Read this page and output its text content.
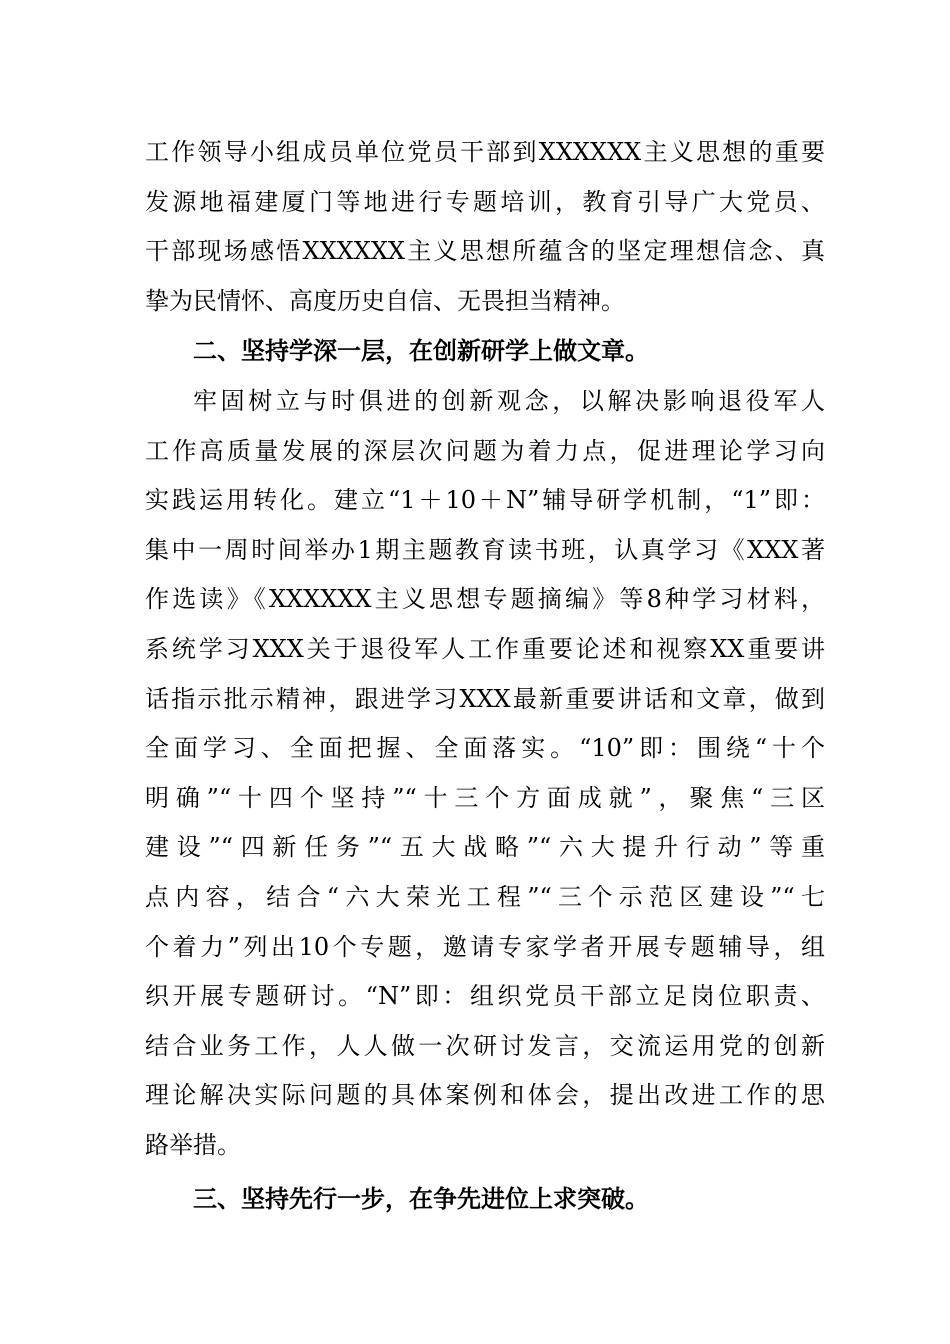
工作领导小组成员单位党员干部到XXXXXX主义思想的重要
发源地福建厦门等地进行专题培训，教育引导广大党员、
干部现场感悟XXXXXX主义思想所蕴含的坚定理想信念、真
挚为民情怀、高度历史自信、无畏担当精神。
二、坚持学深一层，在创新研学上做文章。
牢固树立与时俱进的创新观念，以解决影响退役军人
工作高质量发展的深层次问题为着力点，促进理论学习向
实践运用转化。建立“1＋10＋N”辅导研学机制，“1”即：
集中一周时间举办1期主题教育读书班，认真学习《XXX著
作选读》《XXXXXX主义思想专题摘编》等8种学习材料，
系统学习XXX关于退役军人工作重要论述和视察XX重要讲
话指示批示精神，跟进学习XXX最新重要讲话和文章，做到
全面学习、全面把握、全面落实。“10”即：围绕“十个
明确”“十四个坚持”“十三个方面成就”，聚焦“三区
建设”“四新任务”“五大战略”“六大提升行动”等重
点内容，结合“六大荣光工程”“三个示范区建设”“七
个着力”列出10个专题，邀请专家学者开展专题辅导，组
织开展专题研讨。“N”即：组织党员干部立足岗位职责、
结合业务工作，人人做一次研讨发言，交流运用党的创新
理论解决实际问题的具体案例和体会，提出改进工作的思
路举措。
三、坚持先行一步，在争先进位上求突破。
